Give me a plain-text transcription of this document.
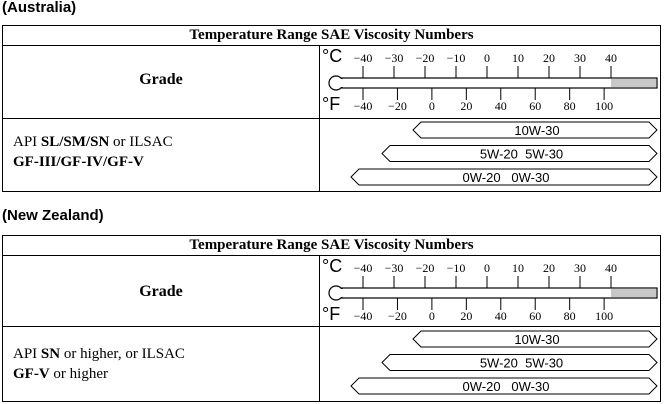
(Australia)
Temperature Range SAE Viscosity Numbers
Grade
API SL/SM/SN or ILSAC
GF-III/GF-IV/GF-V
°C
°F
−40 −30 −20 −10 0 10 20 30 40
−40 −20 0 20 40 60 80 100
10W-30
5W-20  5W-30
0W-20   0W-30
(New Zealand)
Temperature Range SAE Viscosity Numbers
Grade
API SN or higher, or ILSAC
GF-V or higher
°C
°F
−40 −30 −20 −10 0 10 20 30 40
−40 −20 0 20 40 60 80 100
10W-30
5W-20  5W-30
0W-20   0W-30
